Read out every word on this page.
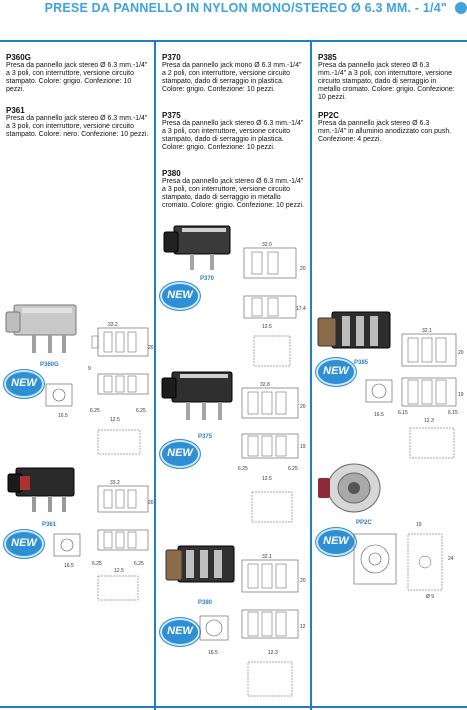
PRESE DA PANNELLO IN NYLON MONO/STEREO Ø 6.3 MM. - 1/4"
P360G
Presa da pannello jack stereo Ø 6.3 mm.-1/4" a 3 poli, con interruttore, versione circuito stampato. Colore: grigio. Confezione: 10 pezzi.
P361
Presa da pannello jack stereo Ø 6.3 mm.-1/4" a 3 poli, con interruttore, versione circuito stampato. Colore: nero. Confezione: 10 pezzi.
P370
Presa da pannello jack mono Ø 6.3 mm.-1/4" a 2 poli, con interruttore, versione circuito stampato, dado di serraggio in plastica. Colore: grigio. Confezione: 10 pezzi.
P375
Presa da pannello jack stereo Ø 6.3 mm.-1/4" a 3 poli, con interruttore, versione circuito stampato, dado di serraggio in plastica. Colore: grigio. Confezione: 10 pezzi.
P380
Presa da pannello jack stereo Ø 6.3 mm.-1/4" a 3 poli, con interruttore, versione circuito stampato, dado di serraggio in metallo cromato. Colore: grigio. Confezione: 10 pezzi.
P385
Presa da pannello jack stereo Ø 6.3 mm.-1/4" a 3 poli, con interruttore, versione circuito stampato, dado di serraggio in metallo cromato. Colore: grigio. Confezione: 10 pezzi.
PP2C
Presa da pannello jack stereo Ø 6.3 mm.-1/4" in alluminio anodizzato con push. Confezione: 4 pezzi.
P360G
NEW
33.2
20
9
16.5
6.25	6.25
12.5
P361
NEW
33.2
20
16.5	6.25	6.25
12.5
P370
NEW
32.0
20
17.4
12.5
P375
NEW
32.8
20
19
6.25	6.25
12.5
P380
NEW
32.1
20
12
16.5	12.3
P385
NEW
32.1
20
19
16.5	6.15	6.15
12.3
PP2C
NEW
19
24
Ø 9
